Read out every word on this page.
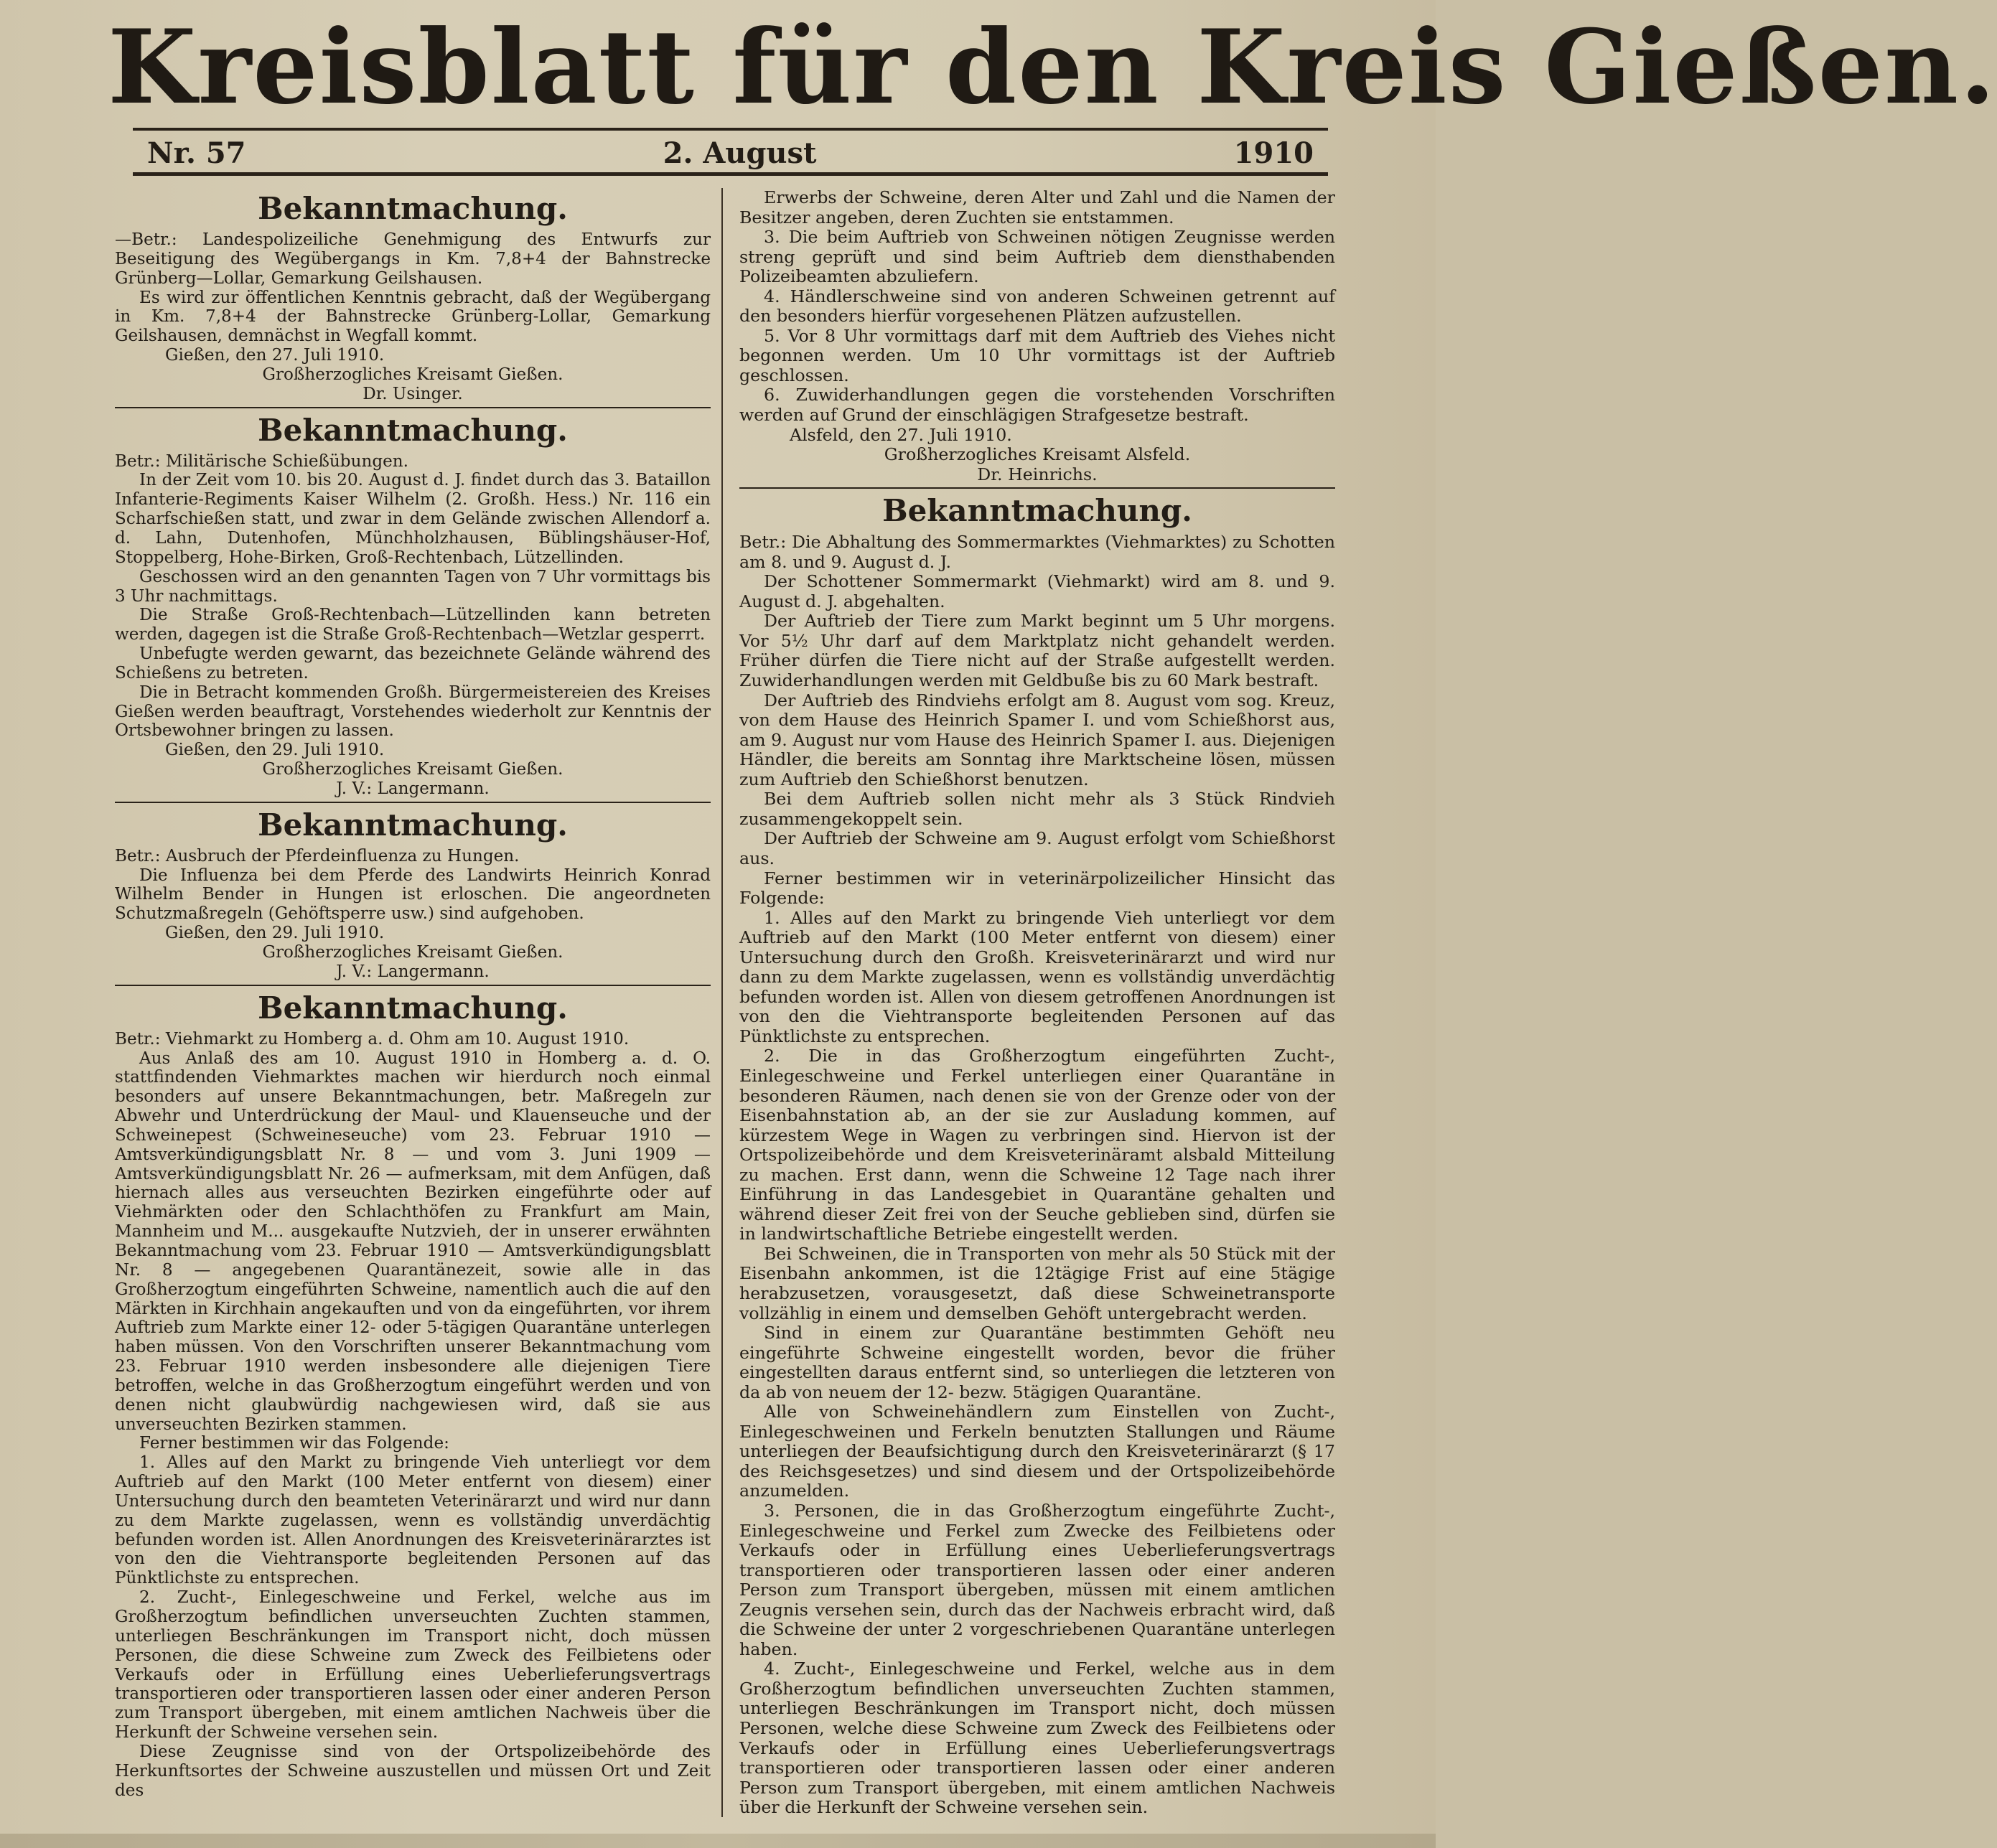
Kreisblatt für den Kreis Gießen.
Nr. 57	2. August	1910
Bekanntmachung.

—Betr.: Landespolizeiliche Genehmigung des Entwurfs zur Beseitigung des Wegübergangs in Km. 7,8+4 der Bahnstrecke Grünberg—Lollar, Gemarkung Geilshausen.

Es wird zur öffentlichen Kenntnis gebracht, daß der Wegübergang in Km. 7,8+4 der Bahnstrecke Grünberg-Lollar, Gemarkung Geilshausen, demnächst in Wegfall kommt.

Gießen, den 27. Juli 1910.

Großherzogliches Kreisamt Gießen.

Dr. Usinger.

Bekanntmachung.

Betr.: Militärische Schießübungen.

In der Zeit vom 10. bis 20. August d. J. findet durch das 3. Bataillon Infanterie-Regiments Kaiser Wilhelm (2. Großh. Hess.) Nr. 116 ein Scharfschießen statt, und zwar in dem Gelände zwischen Allendorf a. d. Lahn, Dutenhofen, Münchholzhausen, Büblingshäuser-Hof, Stoppelberg, Hohe-Birken, Groß-Rechtenbach, Lützellinden.

Geschossen wird an den genannten Tagen von 7 Uhr vormittags bis 3 Uhr nachmittags.

Die Straße Groß-Rechtenbach—Lützellinden kann betreten werden, dagegen ist die Straße Groß-Rechtenbach—Wetzlar gesperrt.

Unbefugte werden gewarnt, das bezeichnete Gelände während des Schießens zu betreten.

Die in Betracht kommenden Großh. Bürgermeistereien des Kreises Gießen werden beauftragt, Vorstehendes wiederholt zur Kenntnis der Ortsbewohner bringen zu lassen.

Gießen, den 29. Juli 1910.

Großherzogliches Kreisamt Gießen.

J. V.: Langermann.

Bekanntmachung.

Betr.: Ausbruch der Pferdeinfluenza zu Hungen.

Die Influenza bei dem Pferde des Landwirts Heinrich Konrad Wilhelm Bender in Hungen ist erloschen. Die angeordneten Schutzmaßregeln (Gehöftsperre usw.) sind aufgehoben.

Gießen, den 29. Juli 1910.

Großherzogliches Kreisamt Gießen.

J. V.: Langermann.

Bekanntmachung.

Betr.: Viehmarkt zu Homberg a. d. Ohm am 10. August 1910.

Aus Anlaß des am 10. August 1910 in Homberg a. d. O. stattfindenden Viehmarktes machen wir hierdurch noch einmal besonders auf unsere Bekanntmachungen, betr. Maßregeln zur Abwehr und Unterdrückung der Maul- und Klauenseuche und der Schweinepest (Schweineseuche) vom 23. Februar 1910 — Amtsverkündigungsblatt Nr. 8 — und vom 3. Juni 1909 — Amtsverkündigungsblatt Nr. 26 — aufmerksam, mit dem Anfügen, daß hiernach alles aus verseuchten Bezirken eingeführte oder auf Viehmärkten oder den Schlachthöfen zu Frankfurt am Main, Mannheim und M... ausgekaufte Nutzvieh, der in unserer erwähnten Bekanntmachung vom 23. Februar 1910 — Amtsverkündigungsblatt Nr. 8 — angegebenen Quarantänezeit, sowie alle in das Großherzogtum eingeführten Schweine, namentlich auch die auf den Märkten in Kirchhain angekauften und von da eingeführten, vor ihrem Auftrieb zum Markte einer 12- oder 5-tägigen Quarantäne unterlegen haben müssen. Von den Vorschriften unserer Bekanntmachung vom 23. Februar 1910 werden insbesondere alle diejenigen Tiere betroffen, welche in das Großherzogtum eingeführt werden und von denen nicht glaubwürdig nachgewiesen wird, daß sie aus unverseuchten Bezirken stammen.

Ferner bestimmen wir das Folgende:

1. Alles auf den Markt zu bringende Vieh unterliegt vor dem Auftrieb auf den Markt (100 Meter entfernt von diesem) einer Untersuchung durch den beamteten Veterinärarzt und wird nur dann zu dem Markte zugelassen, wenn es vollständig unverdächtig befunden worden ist. Allen Anordnungen des Kreisveterinärarztes ist von den die Viehtransporte begleitenden Personen auf das Pünktlichste zu entsprechen.

2. Zucht-, Einlegeschweine und Ferkel, welche aus im Großherzogtum befindlichen unverseuchten Zuchten stammen, unterliegen Beschränkungen im Transport nicht, doch müssen Personen, die diese Schweine zum Zweck des Feilbietens oder Verkaufs oder in Erfüllung eines Ueberlieferungsvertrags transportieren oder transportieren lassen oder einer anderen Person zum Transport übergeben, mit einem amtlichen Nachweis über die Herkunft der Schweine versehen sein.

Diese Zeugnisse sind von der Ortspolizeibehörde des Herkunftsortes der Schweine auszustellen und müssen Ort und Zeit des

Erwerbs der Schweine, deren Alter und Zahl und die Namen der Besitzer angeben, deren Zuchten sie entstammen.

3. Die beim Auftrieb von Schweinen nötigen Zeugnisse werden streng geprüft und sind beim Auftrieb dem diensthabenden Polizeibeamten abzuliefern.

4. Händlerschweine sind von anderen Schweinen getrennt auf den besonders hierfür vorgesehenen Plätzen aufzustellen.

5. Vor 8 Uhr vormittags darf mit dem Auftrieb des Viehes nicht begonnen werden. Um 10 Uhr vormittags ist der Auftrieb geschlossen.

6. Zuwiderhandlungen gegen die vorstehenden Vorschriften werden auf Grund der einschlägigen Strafgesetze bestraft.

Alsfeld, den 27. Juli 1910.

Großherzogliches Kreisamt Alsfeld.

Dr. Heinrichs.

Bekanntmachung.

Betr.: Die Abhaltung des Sommermarktes (Viehmarktes) zu Schotten am 8. und 9. August d. J.

Der Schottener Sommermarkt (Viehmarkt) wird am 8. und 9. August d. J. abgehalten.

Der Auftrieb der Tiere zum Markt beginnt um 5 Uhr morgens. Vor 5½ Uhr darf auf dem Marktplatz nicht gehandelt werden. Früher dürfen die Tiere nicht auf der Straße aufgestellt werden. Zuwiderhandlungen werden mit Geldbuße bis zu 60 Mark bestraft.

Der Auftrieb des Rindviehs erfolgt am 8. August vom sog. Kreuz, von dem Hause des Heinrich Spamer I. und vom Schießhorst aus, am 9. August nur vom Hause des Heinrich Spamer I. aus. Diejenigen Händler, die bereits am Sonntag ihre Marktscheine lösen, müssen zum Auftrieb den Schießhorst benutzen.

Bei dem Auftrieb sollen nicht mehr als 3 Stück Rindvieh zusammengekoppelt sein.

Der Auftrieb der Schweine am 9. August erfolgt vom Schießhorst aus.

Ferner bestimmen wir in veterinärpolizeilicher Hinsicht das Folgende:

1. Alles auf den Markt zu bringende Vieh unterliegt vor dem Auftrieb auf den Markt (100 Meter entfernt von diesem) einer Untersuchung durch den Großh. Kreisveterinärarzt und wird nur dann zu dem Markte zugelassen, wenn es vollständig unverdächtig befunden worden ist. Allen von diesem getroffenen Anordnungen ist von den die Viehtransporte begleitenden Personen auf das Pünktlichste zu entsprechen.

2. Die in das Großherzogtum eingeführten Zucht-, Einlegeschweine und Ferkel unterliegen einer Quarantäne in besonderen Räumen, nach denen sie von der Grenze oder von der Eisenbahnstation ab, an der sie zur Ausladung kommen, auf kürzestem Wege in Wagen zu verbringen sind. Hiervon ist der Ortspolizeibehörde und dem Kreisveterinäramt alsbald Mitteilung zu machen. Erst dann, wenn die Schweine 12 Tage nach ihrer Einführung in das Landesgebiet in Quarantäne gehalten und während dieser Zeit frei von der Seuche geblieben sind, dürfen sie in landwirtschaftliche Betriebe eingestellt werden.

Bei Schweinen, die in Transporten von mehr als 50 Stück mit der Eisenbahn ankommen, ist die 12tägige Frist auf eine 5tägige herabzusetzen, vorausgesetzt, daß diese Schweinetransporte vollzählig in einem und demselben Gehöft untergebracht werden.

Sind in einem zur Quarantäne bestimmten Gehöft neu eingeführte Schweine eingestellt worden, bevor die früher eingestellten daraus entfernt sind, so unterliegen die letzteren von da ab von neuem der 12- bezw. 5tägigen Quarantäne.

Alle von Schweinehändlern zum Einstellen von Zucht-, Einlegeschweinen und Ferkeln benutzten Stallungen und Räume unterliegen der Beaufsichtigung durch den Kreisveterinärarzt (§ 17 des Reichsgesetzes) und sind diesem und der Ortspolizeibehörde anzumelden.

3. Personen, die in das Großherzogtum eingeführte Zucht-, Einlegeschweine und Ferkel zum Zwecke des Feilbietens oder Verkaufs oder in Erfüllung eines Ueberlieferungsvertrags transportieren oder transportieren lassen oder einer anderen Person zum Transport übergeben, müssen mit einem amtlichen Zeugnis versehen sein, durch das der Nachweis erbracht wird, daß die Schweine der unter 2 vorgeschriebenen Quarantäne unterlegen haben.

4. Zucht-, Einlegeschweine und Ferkel, welche aus in dem Großherzogtum befindlichen unverseuchten Zuchten stammen, unterliegen Beschränkungen im Transport nicht, doch müssen Personen, welche diese Schweine zum Zweck des Feilbietens oder Verkaufs oder in Erfüllung eines Ueberlieferungsvertrags transportieren oder transportieren lassen oder einer anderen Person zum Transport übergeben, mit einem amtlichen Nachweis über die Herkunft der Schweine versehen sein.
